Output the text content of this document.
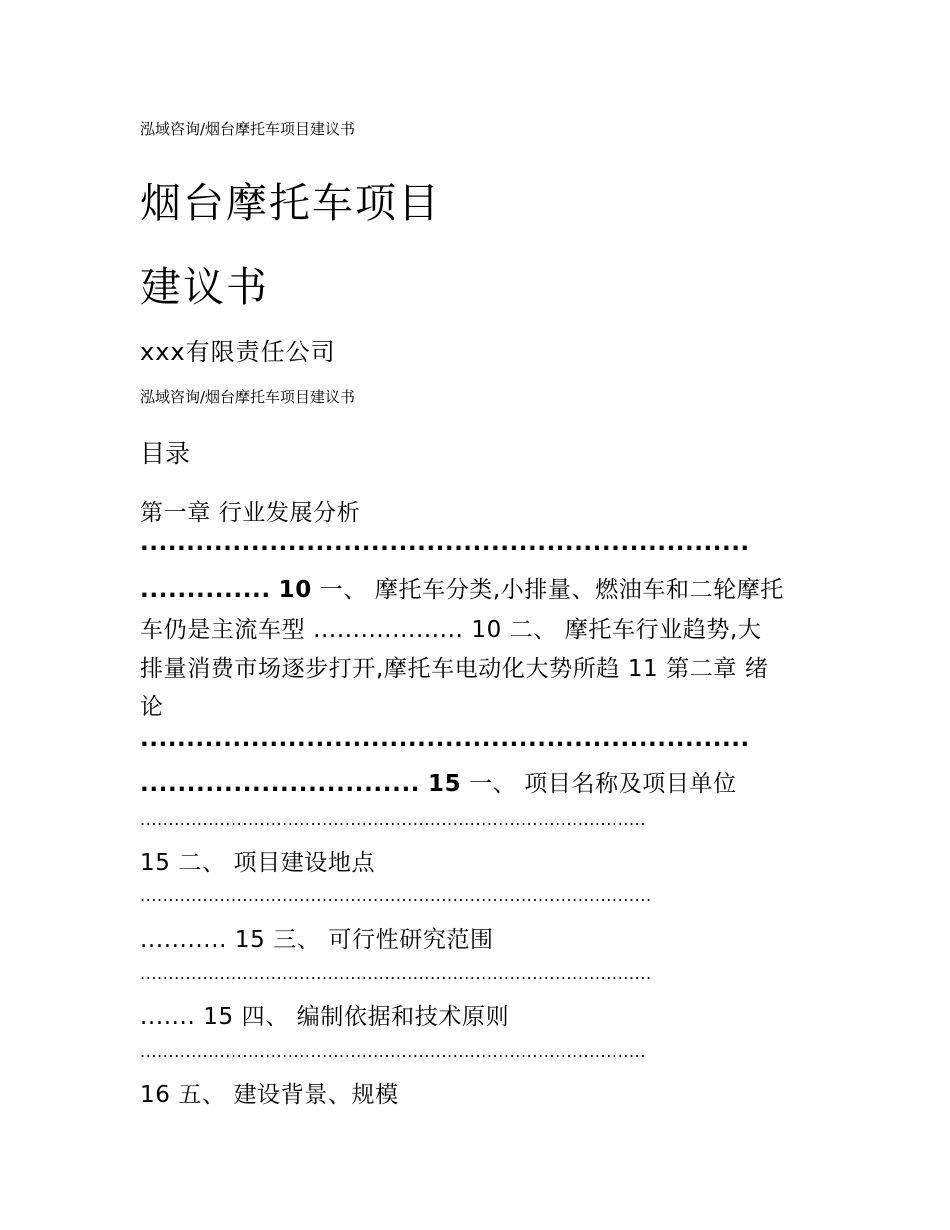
泓域咨询/烟台摩托车项目建议书
烟台摩托车项目
建议书
xxx有限责任公司
泓域咨询/烟台摩托车项目建议书
目录
第一章 行业发展分析
..................................................................
.............. 10 一、 摩托车分类,小排量、燃油车和二轮摩托
车仍是主流车型 ................... 10 二、 摩托车行业趋势,大
排量消费市场逐步打开,摩托车电动化大势所趋 11 第二章 绪
论
..................................................................
.............................. 15 一、 项目名称及项目单位
.........................................................................................
15 二、 项目建设地点
..........................................................................................
........... 15 三、 可行性研究范围
..........................................................................................
....... 15 四、 编制依据和技术原则
.........................................................................................
16 五、 建设背景、规模
